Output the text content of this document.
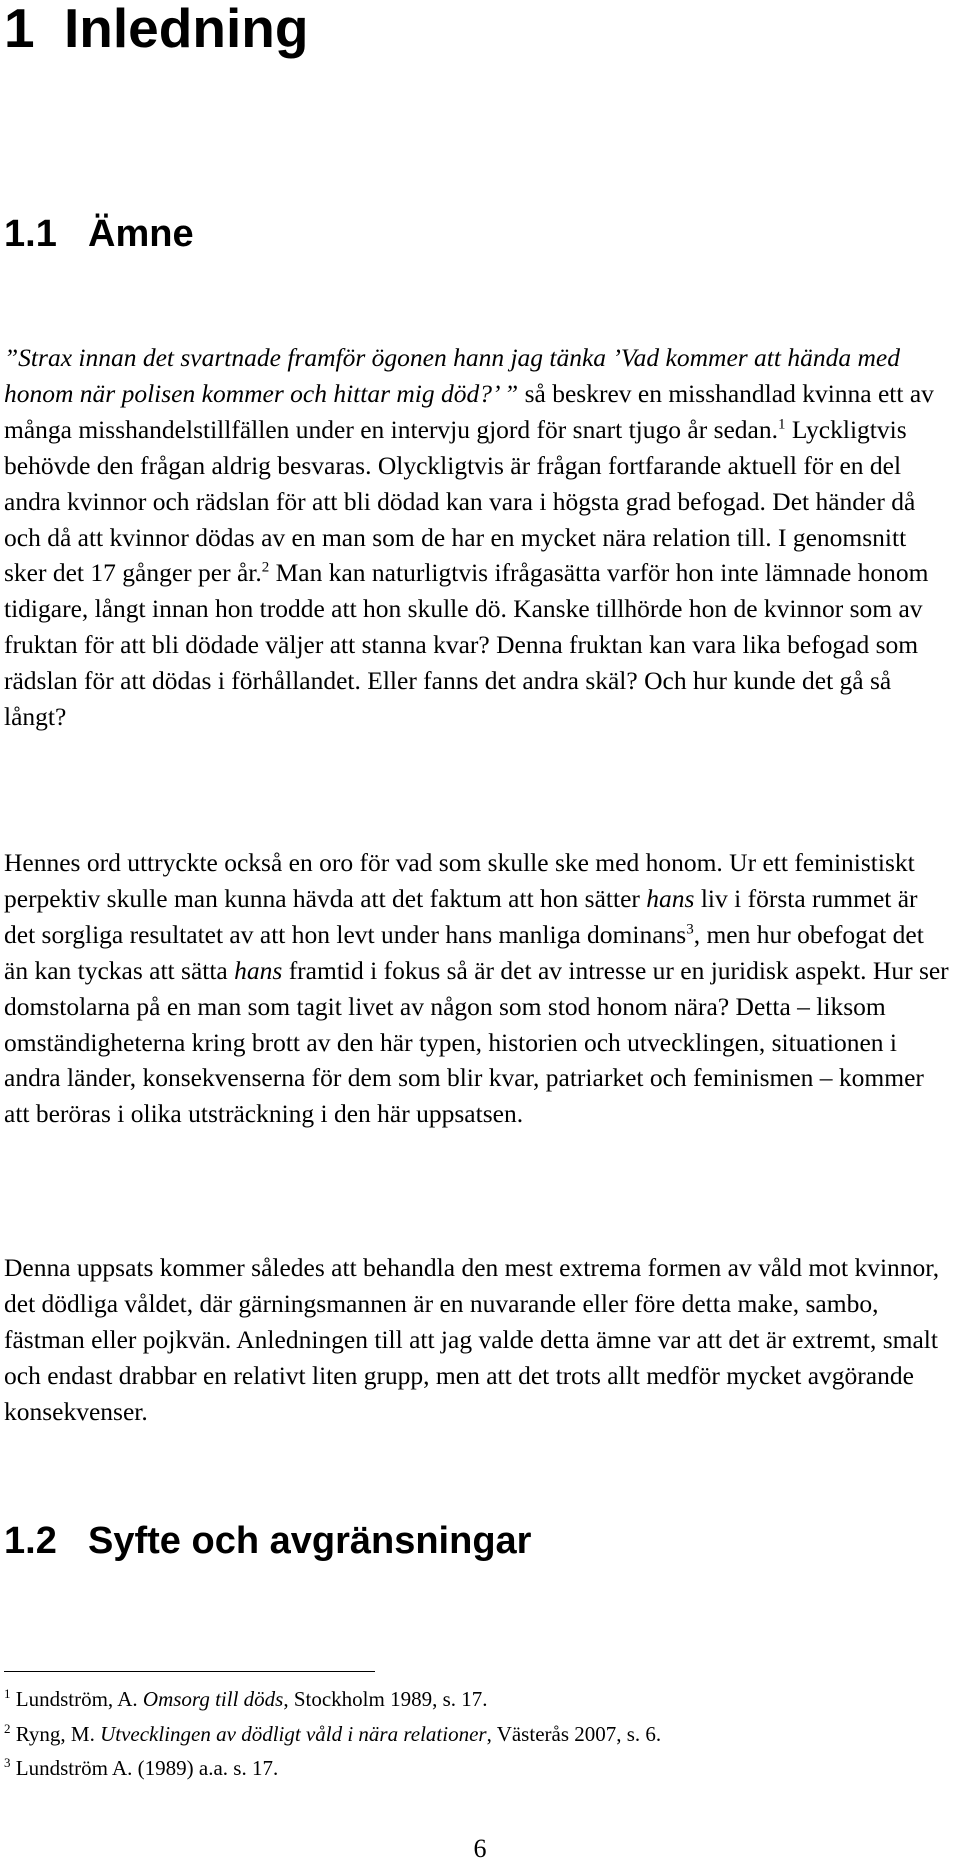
1 Inledning
1.1 Ämne

”Strax innan det svartnade framför ögonen hann jag tänka ’Vad kommer att hända med honom när polisen kommer och hittar mig död?’ ” så beskrev en misshandlad kvinna ett av många misshandelstillfällen under en intervju gjord för snart tjugo år sedan.$^1$ Lyckligtvis behövde den frågan aldrig besvaras. Olyckligtvis är frågan fortfarande aktuell för en del andra kvinnor och rädslan för att bli dödad kan vara i högsta grad befogad. Det händer då och då att kvinnor dödas av en man som de har en mycket nära relation till. I genomsnitt sker det 17 gånger per år.$^2$ Man kan naturligtvis ifrågasätta varför hon inte lämnade honom tidigare, långt innan hon trodde att hon skulle dö. Kanske tillhörde hon de kvinnor som av fruktan för att bli dödade väljer att stanna kvar? Denna fruktan kan vara lika befogad som rädslan för att dödas i förhållandet. Eller fanns det andra skäl? Och hur kunde det gå så långt?

Hennes ord uttryckte också en oro för vad som skulle ske med honom. Ur ett feministiskt perpektiv skulle man kunna hävda att det faktum att hon sätter hans liv i första rummet är det sorgliga resultatet av att hon levt under hans manliga dominans$^3$, men hur obefogat det än kan tyckas att sätta hans framtid i fokus så är det av intresse ur en juridisk aspekt. Hur ser domstolarna på en man som tagit livet av någon som stod honom nära? Detta – liksom omständigheterna kring brott av den här typen, historien och utvecklingen, situationen i andra länder, konsekvenserna för dem som blir kvar, patriarket och feminismen – kommer att beröras i olika utsträckning i den här uppsatsen.

Denna uppsats kommer således att behandla den mest extrema formen av våld mot kvinnor, det dödliga våldet, där gärningsmannen är en nuvarande eller före detta make, sambo, fästman eller pojkvän. Anledningen till att jag valde detta ämne var att det är extremt, smalt och endast drabbar en relativt liten grupp, men att det trots allt medför mycket avgörande konsekvenser.

1.2 Syfte och avgränsningar

$^1$ Lundström, A. Omsorg till döds, Stockholm 1989, s. 17.

$^2$ Ryng, M. Utvecklingen av dödligt våld i nära relationer, Västerås 2007, s. 6.

$^3$ Lundström A. (1989) a.a. s. 17.

6
